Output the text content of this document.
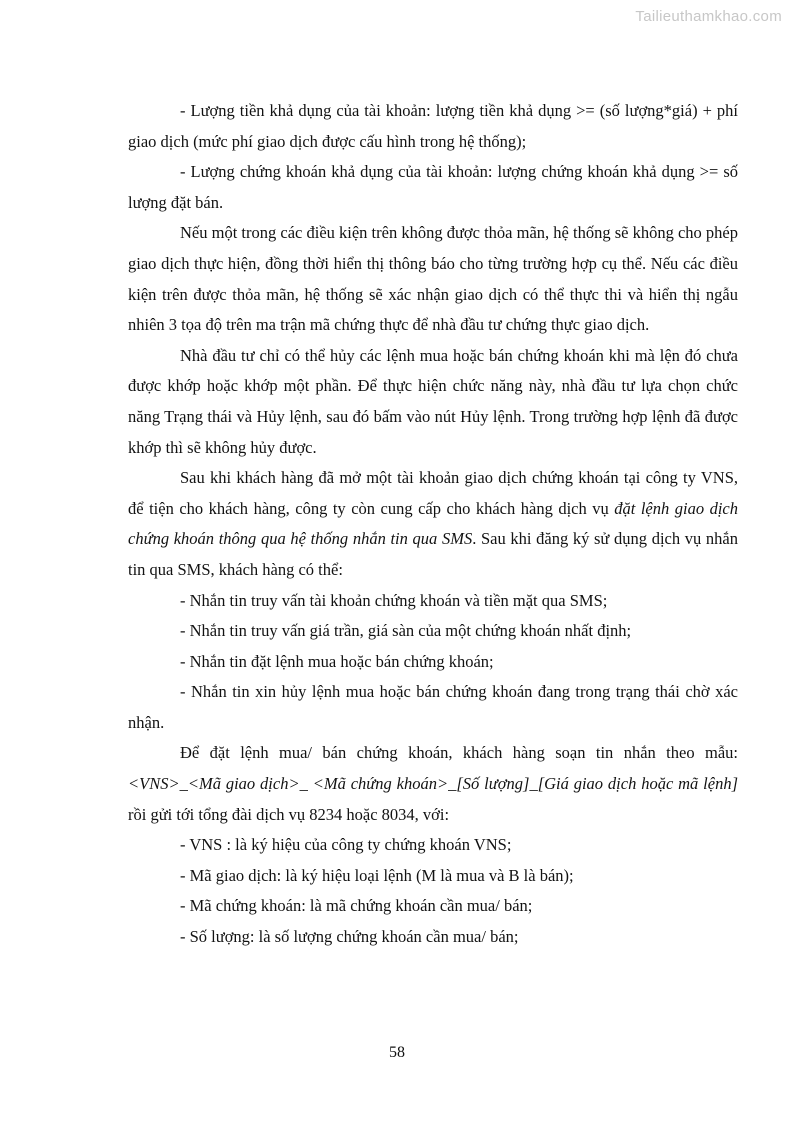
Tailieuthamkhao.com

- Lượng tiền khả dụng của tài khoản: lượng tiền khả dụng >= (số lượng*giá) + phí giao dịch (mức phí giao dịch được cấu hình trong hệ thống);

- Lượng chứng khoán khả dụng của tài khoản: lượng chứng khoán khả dụng >= số lượng đặt bán.

Nếu một trong các điều kiện trên không được thỏa mãn, hệ thống sẽ không cho phép giao dịch thực hiện, đồng thời hiển thị thông báo cho từng trường hợp cụ thể. Nếu các điều kiện trên được thỏa mãn, hệ thống sẽ xác nhận giao dịch có thể thực thi và hiển thị ngẫu nhiên 3 tọa độ trên ma trận mã chứng thực để nhà đầu tư chứng thực giao dịch.

Nhà đầu tư chỉ có thể hủy các lệnh mua hoặc bán chứng khoán khi mà lện đó chưa được khớp hoặc khớp một phần. Để thực hiện chức năng này, nhà đầu tư lựa chọn chức năng Trạng thái và Hủy lệnh, sau đó bấm vào nút Hủy lệnh. Trong trường hợp lệnh đã được khớp thì sẽ không hủy được.

Sau khi khách hàng đã mở một tài khoản giao dịch chứng khoán tại công ty VNS, để tiện cho khách hàng, công ty còn cung cấp cho khách hàng dịch vụ đặt lệnh giao dịch chứng khoán thông qua hệ thống nhắn tin qua SMS. Sau khi đăng ký sử dụng dịch vụ nhắn tin qua SMS, khách hàng có thể:

- Nhắn tin truy vấn tài khoản chứng khoán và tiền mặt qua SMS;

- Nhắn tin truy vấn giá trần, giá sàn của một chứng khoán nhất định;

- Nhắn tin đặt lệnh mua hoặc bán chứng khoán;

- Nhắn tin xin hủy lệnh mua hoặc bán chứng khoán đang trong trạng thái chờ xác nhận.

Để đặt lệnh mua/ bán chứng khoán, khách hàng soạn tin nhắn theo mẫu: <VNS>_<Mã giao dịch>_ <Mã chứng khoán>_[Số lượng]_[Giá giao dịch hoặc mã lệnh] rồi gửi tới tổng đài dịch vụ 8234 hoặc 8034, với:

- VNS : là ký hiệu của công ty chứng khoán VNS;

- Mã giao dịch: là ký hiệu loại lệnh (M là mua và B là bán);

- Mã chứng khoán: là mã chứng khoán cần mua/ bán;

- Số lượng: là số lượng chứng khoán cần mua/ bán;

58
